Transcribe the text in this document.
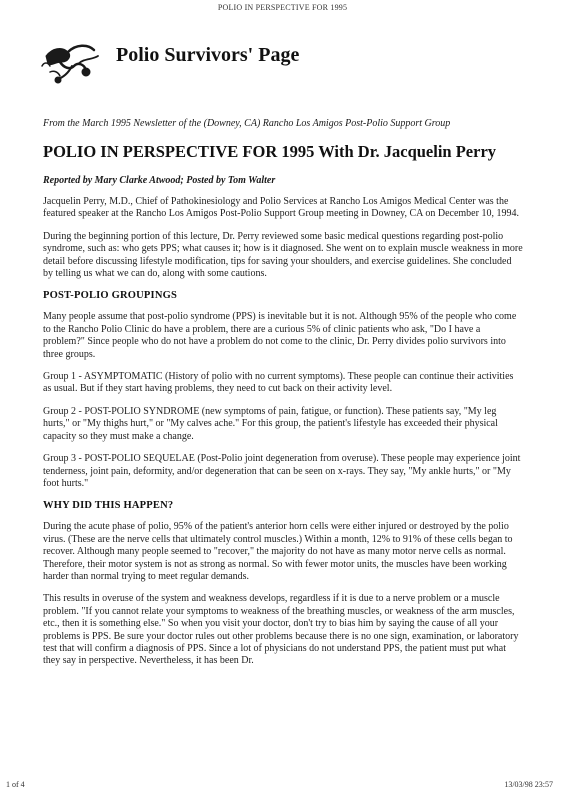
POLIO IN PERSPECTIVE FOR 1995
Polio Survivors' Page
From the March 1995 Newsletter of the (Downey, CA) Rancho Los Amigos Post-Polio Support Group
POLIO IN PERSPECTIVE FOR 1995 With Dr. Jacquelin Perry
Reported by Mary Clarke Atwood; Posted by Tom Walter

Jacquelin Perry, M.D., Chief of Pathokinesiology and Polio Services at Rancho Los Amigos Medical Center was the featured speaker at the Rancho Los Amigos Post-Polio Support Group meeting in Downey, CA on December 10, 1994.

During the beginning portion of this lecture, Dr. Perry reviewed some basic medical questions regarding post-polio syndrome, such as: who gets PPS; what causes it; how is it diagnosed. She went on to explain muscle weakness in more detail before discussing lifestyle modification, tips for saving your shoulders, and exercise guidelines. She concluded by telling us what we can do, along with some cautions.

POST-POLIO GROUPINGS

Many people assume that post-polio syndrome (PPS) is inevitable but it is not. Although 95% of the people who come to the Rancho Polio Clinic do have a problem, there are a curious 5% of clinic patients who ask, "Do I have a problem?" Since people who do not have a problem do not come to the clinic, Dr. Perry divides polio survivors into three groups.

Group 1 - ASYMPTOMATIC (History of polio with no current symptoms). These people can continue their activities as usual. But if they start having problems, they need to cut back on their activity level.

Group 2 - POST-POLIO SYNDROME (new symptoms of pain, fatigue, or function). These patients say, "My leg hurts," or "My thighs hurt," or "My calves ache." For this group, the patient's lifestyle has exceeded their physical capacity so they must make a change.

Group 3 - POST-POLIO SEQUELAE (Post-Polio joint degeneration from overuse). These people may experience joint tenderness, joint pain, deformity, and/or degeneration that can be seen on x-rays. They say, "My ankle hurts," or "My foot hurts."

WHY DID THIS HAPPEN?

During the acute phase of polio, 95% of the patient's anterior horn cells were either injured or destroyed by the polio virus. (These are the nerve cells that ultimately control muscles.) Within a month, 12% to 91% of these cells began to recover. Although many people seemed to "recover," the majority do not have as many motor nerve cells as normal. Therefore, their motor system is not as strong as normal. So with fewer motor units, the muscles have been working harder than normal trying to meet regular demands.

This results in overuse of the system and weakness develops, regardless if it is due to a nerve problem or a muscle problem. "If you cannot relate your symptoms to weakness of the breathing muscles, or weakness of the arm muscles, etc., then it is something else." So when you visit your doctor, don't try to bias him by saying the cause of all your problems is PPS. Be sure your doctor rules out other problems because there is no one sign, examination, or laboratory test that will confirm a diagnosis of PPS. Since a lot of physicians do not understand PPS, the patient must put what they say in perspective. Nevertheless, it has been Dr.

1 of 4	13/03/98 23:57
